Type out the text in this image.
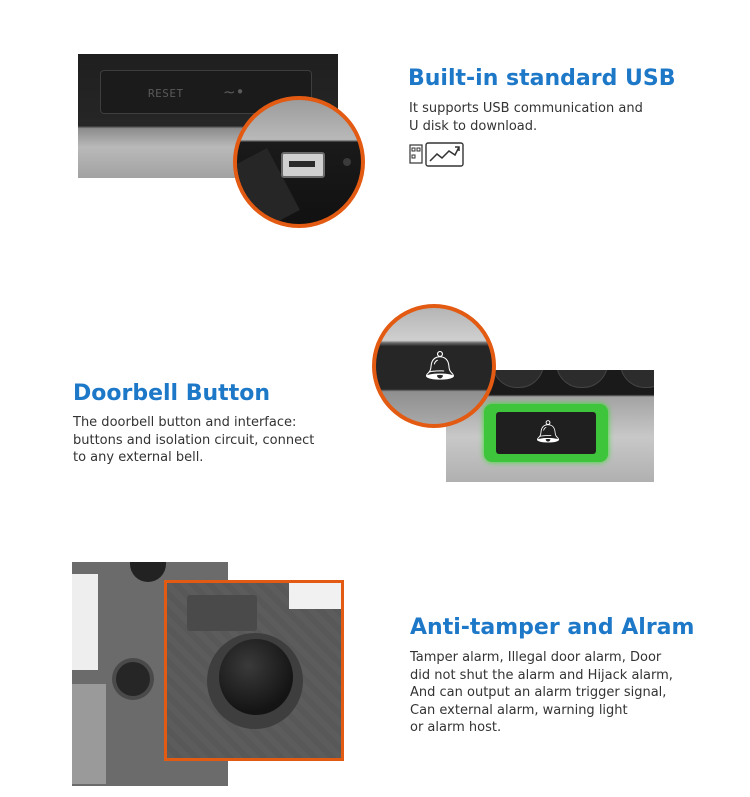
RESET	∼•
Built-in standard USB
It supports USB communication and
U disk to download.
Doorbell Button
The doorbell button and interface:
buttons and isolation circuit, connect
to any external bell.
🔔︎
🔔︎
Anti-tamper and Alram
Tamper alarm, Illegal door alarm, Door
did not shut the alarm and Hijack alarm,
And can output an alarm trigger signal,
Can external alarm, warning light
or alarm host.
